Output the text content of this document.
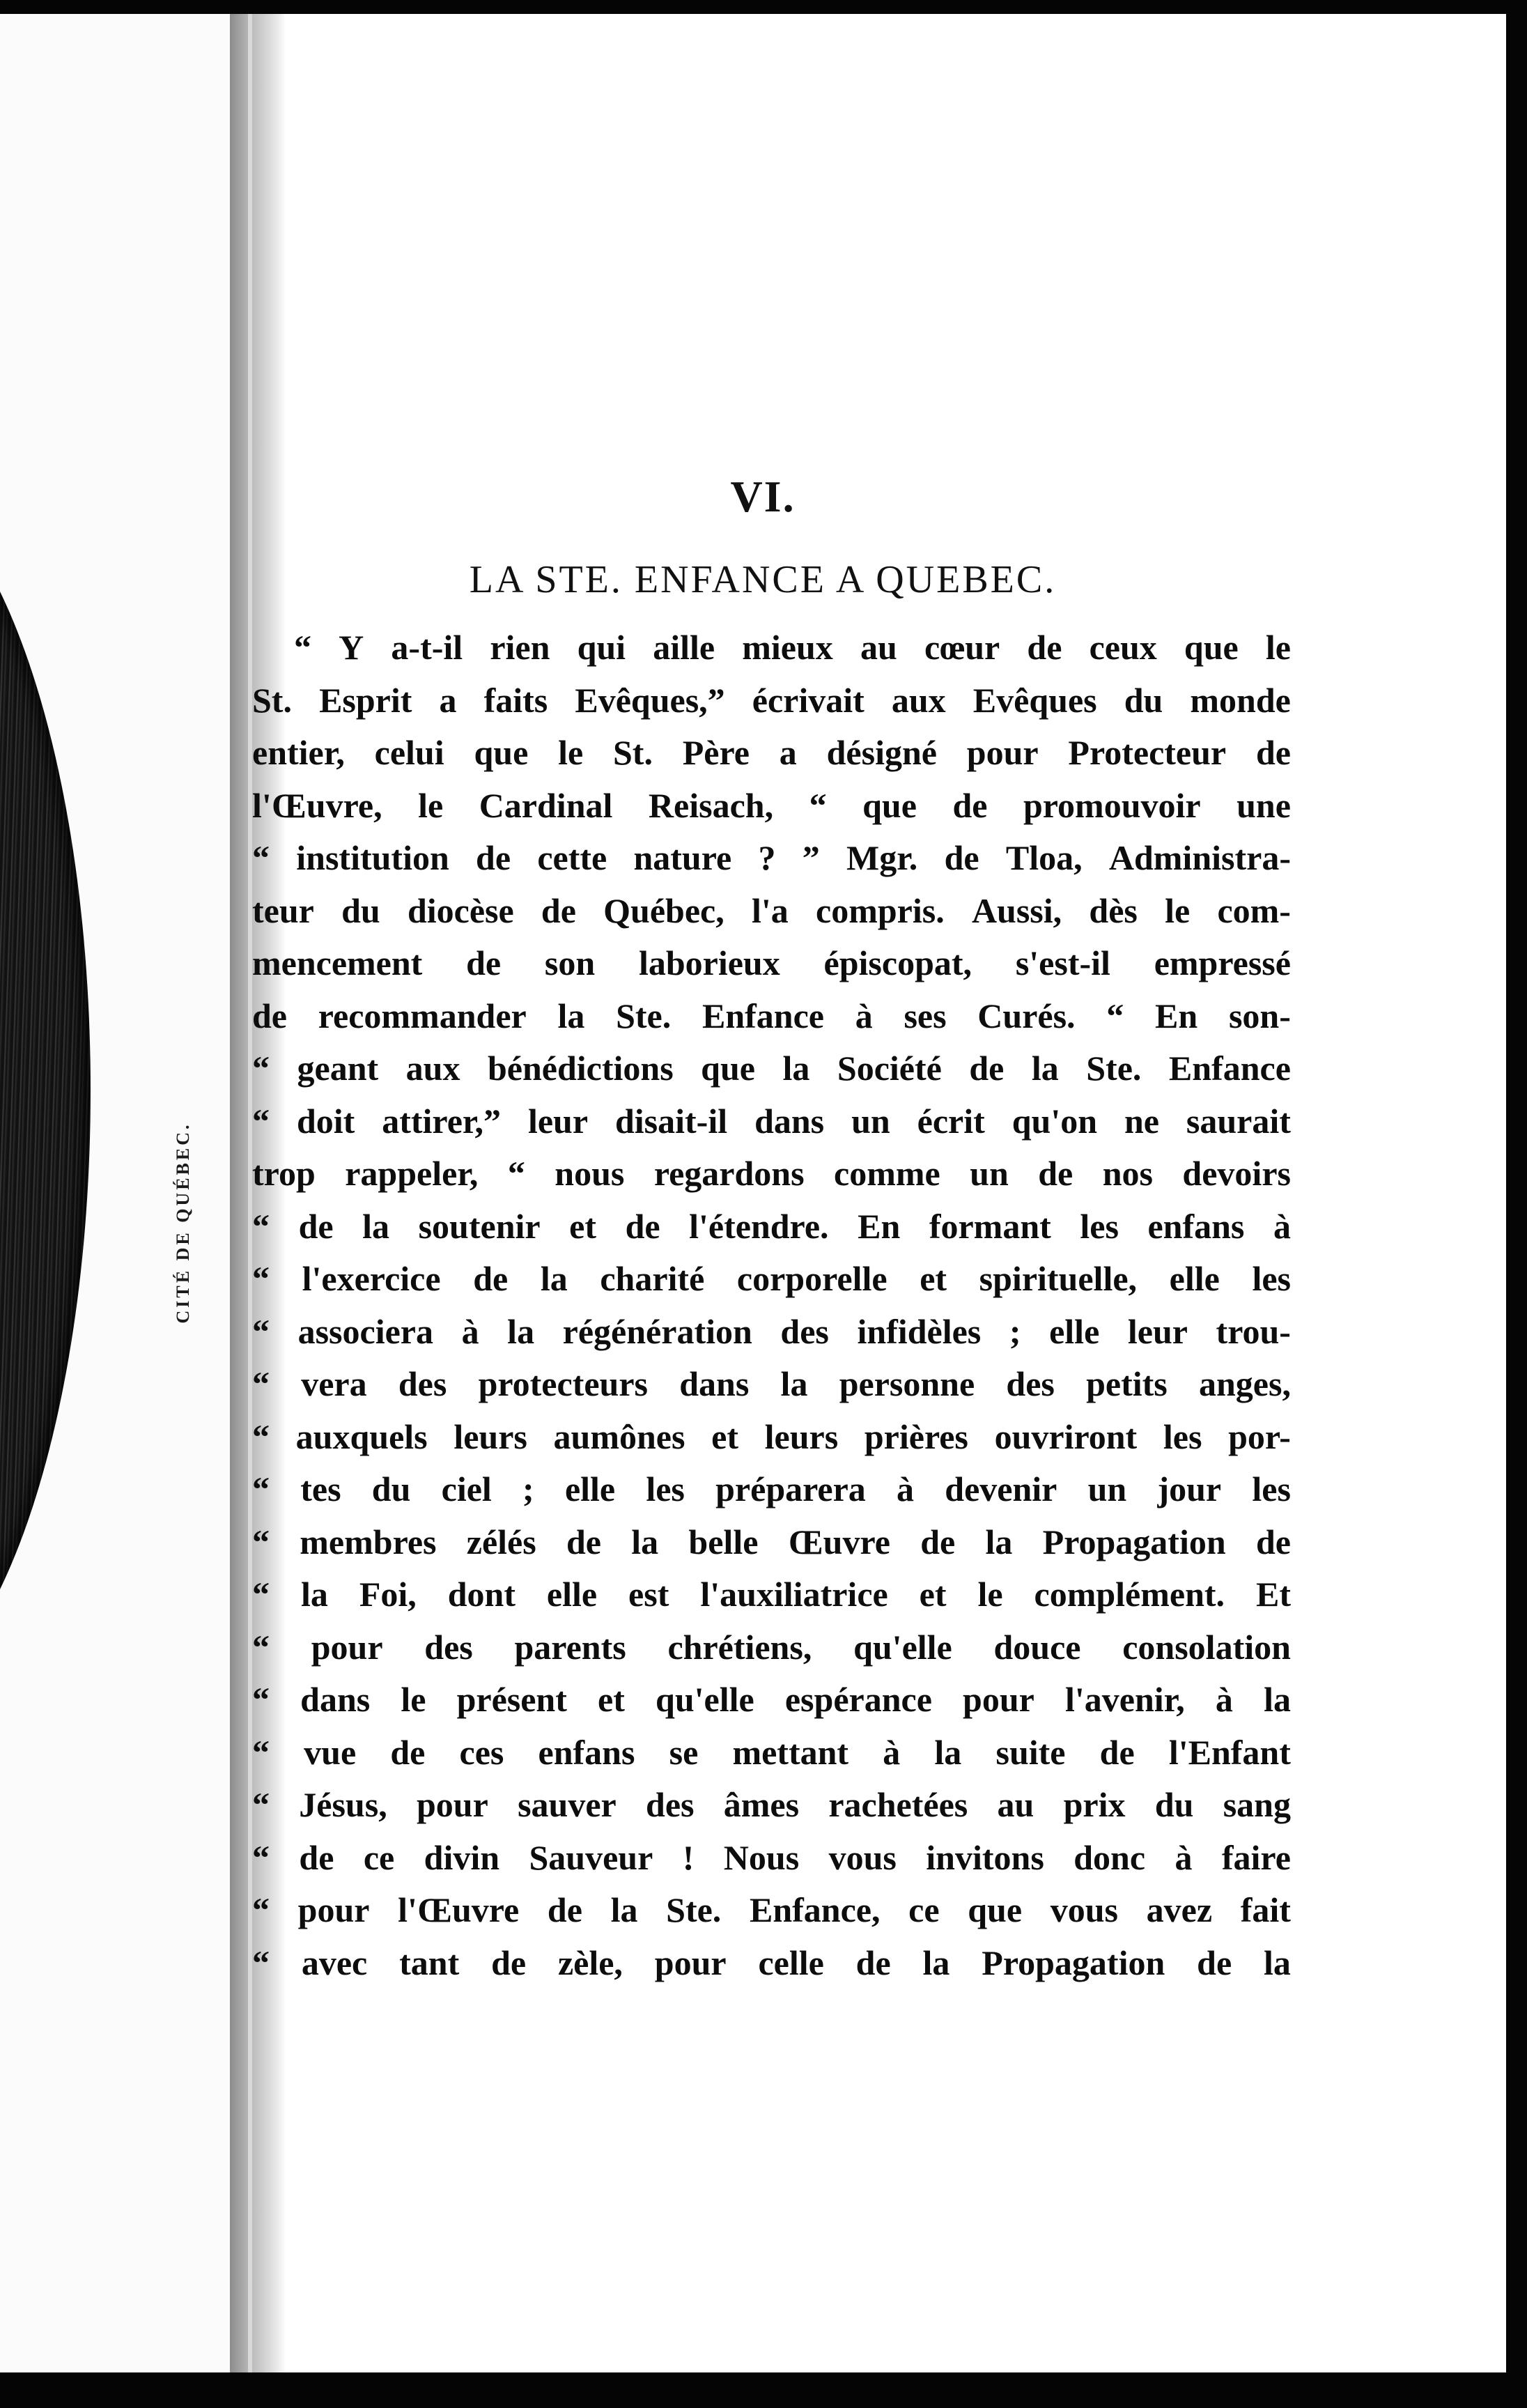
CITÉ DE QUÉBEC.
VI.
LA STE. ENFANCE A QUEBEC.
“ Y a-t-il rien qui aille mieux au cœur de ceux que le
St. Esprit a faits Evêques,” écrivait aux Evêques du monde
entier, celui que le St. Père a désigné pour Protecteur de
l'Œuvre, le Cardinal Reisach, “ que de promouvoir une
“ institution de cette nature ? ” Mgr. de Tloa, Administra-
teur du diocèse de Québec, l'a compris. Aussi, dès le com-
mencement de son laborieux épiscopat, s'est-il empressé
de recommander la Ste. Enfance à ses Curés. “ En son-
“ geant aux bénédictions que la Société de la Ste. Enfance
“ doit attirer,” leur disait-il dans un écrit qu'on ne saurait
trop rappeler, “ nous regardons comme un de nos devoirs
“ de la soutenir et de l'étendre. En formant les enfans à
“ l'exercice de la charité corporelle et spirituelle, elle les
“ associera à la régénération des infidèles ; elle leur trou-
“ vera des protecteurs dans la personne des petits anges,
“ auxquels leurs aumônes et leurs prières ouvriront les por-
“ tes du ciel ; elle les préparera à devenir un jour les
“ membres zélés de la belle Œuvre de la Propagation de
“ la Foi, dont elle est l'auxiliatrice et le complément. Et
“ pour des parents chrétiens, qu'elle douce consolation
“ dans le présent et qu'elle espérance pour l'avenir, à la
“ vue de ces enfans se mettant à la suite de l'Enfant
“ Jésus, pour sauver des âmes rachetées au prix du sang
“ de ce divin Sauveur ! Nous vous invitons donc à faire
“ pour l'Œuvre de la Ste. Enfance, ce que vous avez fait
“ avec tant de zèle, pour celle de la Propagation de la
